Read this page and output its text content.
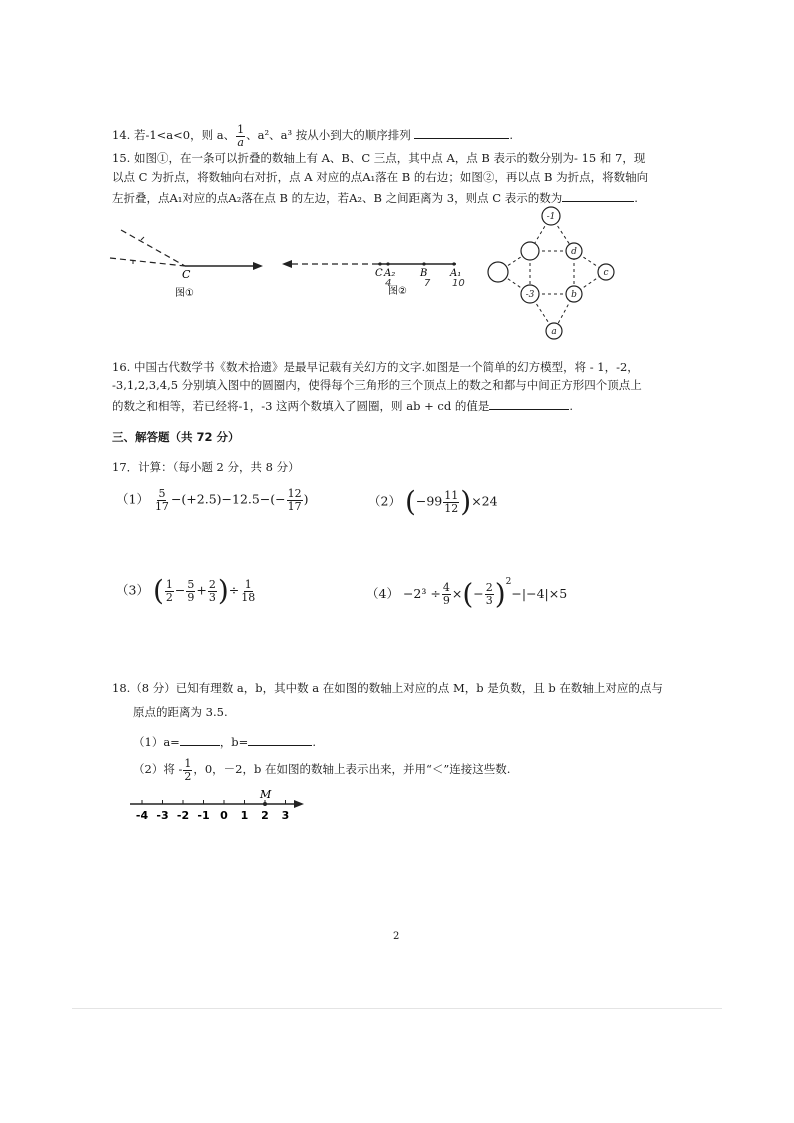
14. 若-1<a<0，则 a、 $\frac{1}{a}$ 、a²、a³ 按从小到大的顺序排列	.
15. 如图①，在一条可以折叠的数轴上有 A、B、C 三点，其中点 A，点 B 表示的数分别为- 15 和 7，现
以点 C 为折点，将数轴向右对折，点 A 对应的点A₁落在 B 的右边；如图②，再以点 B 为折点，将数轴向
左折叠，点A₁对应的点A₂落在点 B 的左边，若A₂、B 之间距离为 3，则点 C 表示的数为	.
C
图①
C A₂ B A₁
4	7 10
图②
-1
d
c
-3	b
a
16. 中国古代数学书《数术拾遗》是最早记载有关幻方的文字.如图是一个简单的幻方模型，将 - 1，-2，
-3,1,2,3,4,5 分别填入图中的圆圈内，使得每个三角形的三个顶点上的数之和都与中间正方形四个顶点上
的数之和相等，若已经将-1，-3 这两个数填入了圆圈，则 ab + cd 的值是	.
三、解答题（共 72 分）
17．计算：（每小题 2 分，共 8 分）
$(1) \frac{5}{17} -(+2.5)-12.5-(- \frac{12}{17}$ )	（2） $(-99 \frac{11}{12} )\times 24$
（3） ( $\frac{1}{2} - \frac{5}{9} + \frac{2}{3}$ )÷ $\frac{1}{18}$	$(4) -2^3 \div \frac{4}{9}$ ×(− $\frac{2}{3} )^2-|-4|\times 5$
18.（8 分）已知有理数 a，b，其中数 a 在如图的数轴上对应的点 M，b 是负数，且 b 在数轴上对应的点与
原点的距离为 3.5.
（1）a=	，b=	.
（2）将 - $\frac{1}{2}$ ，0，－2，b 在如图的数轴上表示出来，并用“＜”连接这些数.
-4 -3 -2 -1 0 1 2 3
M
2
